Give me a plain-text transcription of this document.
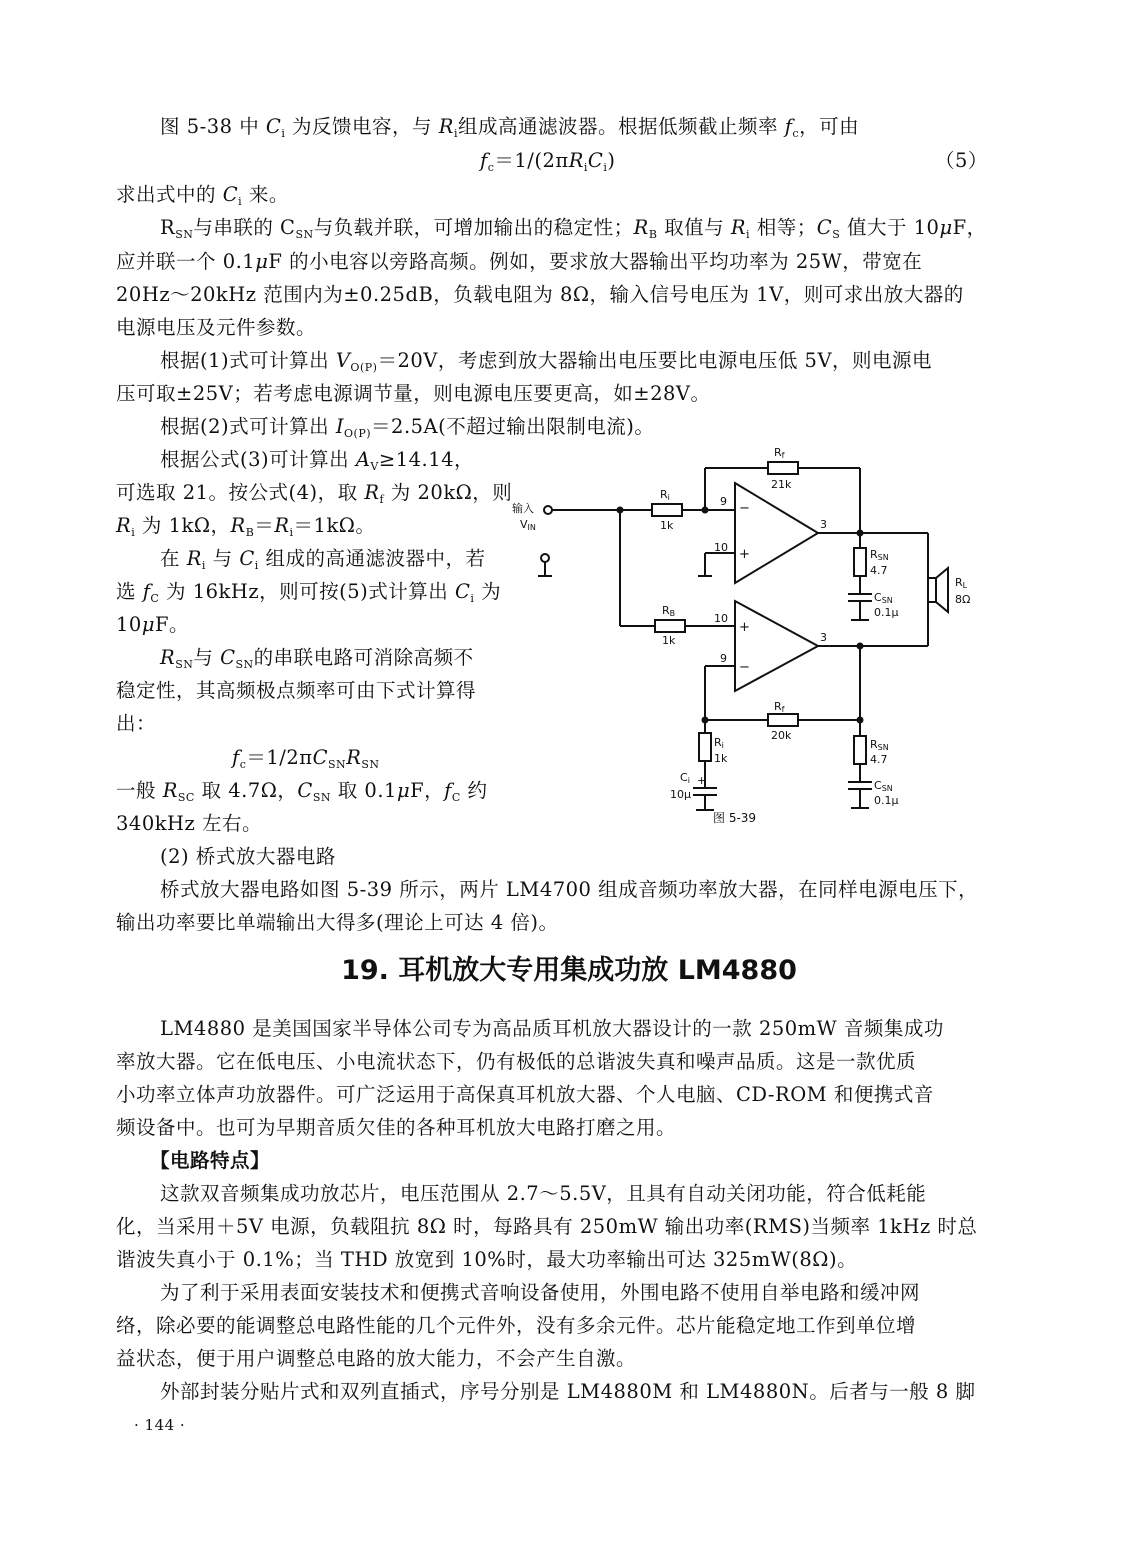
图 5-38 中 $C_i$ 为反馈电容，与 $R_i$组成高通滤波器。根据低频截止频率 $f_c$，可由
$f_c=1/(2\pi R_iC_i)$	（5）
求出式中的 $C_i$ 来。
$R_{SN}$与串联的 $C_{SN}$与负载并联，可增加输出的稳定性；$R_B$ 取值与 $R_i$ 相等；$C_S$ 值大于 10μF，
应并联一个 0.1μF 的小电容以旁路高频。例如，要求放大器输出平均功率为 25W，带宽在
20Hz～20kHz 范围内为±0.25dB，负载电阻为 8Ω，输入信号电压为 1V，则可求出放大器的
电源电压及元件参数。
根据(1)式可计算出 $V_{O(P)}=20V$，考虑到放大器输出电压要比电源电压低 5V，则电源电
压可取±25V；若考虑电源调节量，则电源电压要更高，如±28V。
根据(2)式可计算出 $I_{O(P)}=2.5A$(不超过输出限制电流)。
根据公式(3)可计算出 $A_V\ge 14.14$，
可选取 21。按公式(4)，取 $R_f$ 为 20kΩ，则
$R_i$ 为 1kΩ，$R_B=R_i=1k\Omega$。
在 $R_i$ 与 $C_i$ 组成的高通滤波器中，若
选 $f_C$ 为 16kHz，则可按(5)式计算出 $C_i$ 为
10μF。
$R_{SN}$与 $C_{SN}$的串联电路可消除高频不
稳定性，其高频极点频率可由下式计算得
出：
$f_c=1/2\pi C_{SN}R_{SN}$
一般 $R_{SC}$ 取 4.7Ω，$C_{SN}$ 取 0.1μF，$f_C$ 约
340kHz 左右。
(2) 桥式放大器电路
桥式放大器电路如图 5-39 所示，两片 LM4700 组成音频功率放大器，在同样电源电压下，
输出功率要比单端输出大得多(理论上可达 4 倍)。
输入
VIN
Ri
1k
Rf
21k
9
10
3
−
+
RB
1k
10
9
3
+
−
Rf
20k
Ri
1k
Ci +
10μ
RSN
4.7
CSN
0.1μ
RSN
4.7
CSN
0.1μ
RL
8Ω
图 5-39
19. 耳机放大专用集成功放 LM4880
LM4880 是美国国家半导体公司专为高品质耳机放大器设计的一款 250mW 音频集成功
率放大器。它在低电压、小电流状态下，仍有极低的总谐波失真和噪声品质。这是一款优质
小功率立体声功放器件。可广泛运用于高保真耳机放大器、个人电脑、CD-ROM 和便携式音
频设备中。也可为早期音质欠佳的各种耳机放大电路打磨之用。
【电路特点】
这款双音频集成功放芯片，电压范围从 2.7～5.5V，且具有自动关闭功能，符合低耗能
化，当采用＋5V 电源，负载阻抗 8Ω 时，每路具有 250mW 输出功率(RMS)当频率 1kHz 时总
谐波失真小于 0.1%；当 THD 放宽到 10%时，最大功率输出可达 325mW(8Ω)。
为了利于采用表面安装技术和便携式音响设备使用，外围电路不使用自举电路和缓冲网
络，除必要的能调整总电路性能的几个元件外，没有多余元件。芯片能稳定地工作到单位增
益状态，便于用户调整总电路的放大能力，不会产生自激。
外部封装分贴片式和双列直插式，序号分别是 LM4880M 和 LM4880N。后者与一般 8 脚
· 144 ·
